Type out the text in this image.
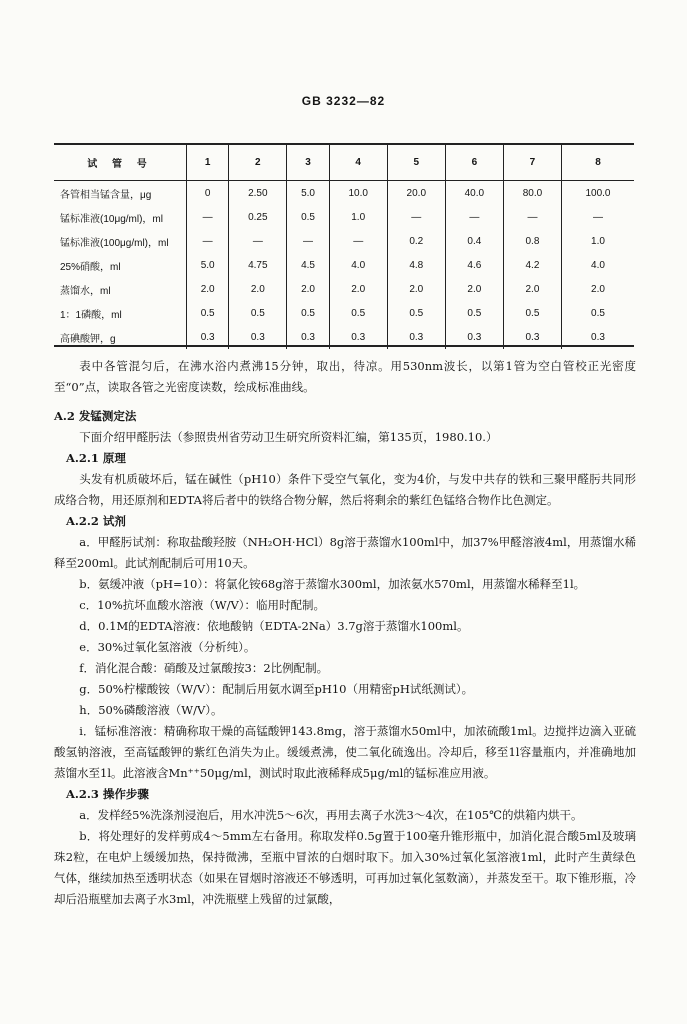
GB 3232—82
试 管 号	1	2	3	4	5	6	7	8
各管相当锰含量，μg	0	2.50	5.0	10.0	20.0	40.0	80.0	100.0
锰标准液(10μg/ml)，ml	—	0.25	0.5	1.0	—	—	—	—
锰标准液(100μg/ml)，ml	—	—	—	—	0.2	0.4	0.8	1.0
25%硝酸，ml	5.0	4.75	4.5	4.0	4.8	4.6	4.2	4.0
蒸馏水，ml	2.0	2.0	2.0	2.0	2.0	2.0	2.0	2.0
1：1磷酸，ml	0.5	0.5	0.5	0.5	0.5	0.5	0.5	0.5
高碘酸钾，g	0.3	0.3	0.3	0.3	0.3	0.3	0.3	0.3

表中各管混匀后，在沸水浴内煮沸15分钟，取出，待凉。用530nm波长，以第1管为空白管校正光密度至“0”点，读取各管之光密度读数，绘成标准曲线。

A.2 发锰测定法

下面介绍甲醛肟法（参照贵州省劳动卫生研究所资料汇编，第135页，1980.10.）

A.2.1 原理

头发有机质破坏后，锰在碱性（pH10）条件下受空气氧化，变为4价，与发中共存的铁和三聚甲醛肟共同形成络合物，用还原剂和EDTA将后者中的铁络合物分解，然后将剩余的紫红色锰络合物作比色测定。

A.2.2 试剂

a．甲醛肟试剂：称取盐酸羟胺（NH₂OH·HCl）8g溶于蒸馏水100ml中，加37%甲醛溶液4ml，用蒸馏水稀释至200ml。此试剂配制后可用10天。

b．氨缓冲液（pH=10）：将氯化铵68g溶于蒸馏水300ml，加浓氨水570ml，用蒸馏水稀释至1l。

c．10%抗坏血酸水溶液（W/V）：临用时配制。

d．0.1M的EDTA溶液：依地酸钠（EDTA-2Na）3.7g溶于蒸馏水100ml。

e．30%过氧化氢溶液（分析纯）。

f．消化混合酸：硝酸及过氯酸按3：2比例配制。

g．50%柠檬酸铵（W/V）：配制后用氨水调至pH10（用精密pH试纸测试）。

h．50%磷酸溶液（W/V）。

i．锰标准溶液：精确称取干燥的高锰酸钾143.8mg，溶于蒸馏水50ml中，加浓硫酸1ml。边搅拌边滴入亚硫酸氢钠溶液，至高锰酸钾的紫红色消失为止。缓缓煮沸，使二氧化硫逸出。冷却后，移至1l容量瓶内，并准确地加蒸馏水至1l。此溶液含Mn⁺⁺50μg/ml，测试时取此液稀释成5μg/ml的锰标准应用液。

A.2.3 操作步骤

a．发样经5%洗涤剂浸泡后，用水冲洗5～6次，再用去离子水洗3～4次，在105℃的烘箱内烘干。

b．将处理好的发样剪成4～5mm左右备用。称取发样0.5g置于100毫升锥形瓶中，加消化混合酸5ml及玻璃珠2粒，在电炉上缓缓加热，保持微沸，至瓶中冒浓的白烟时取下。加入30%过氧化氢溶液1ml，此时产生黄绿色气体，继续加热至透明状态（如果在冒烟时溶液还不够透明，可再加过氧化氢数滴），并蒸发至干。取下锥形瓶，冷却后沿瓶壁加去离子水3ml，冲洗瓶壁上残留的过氯酸，
